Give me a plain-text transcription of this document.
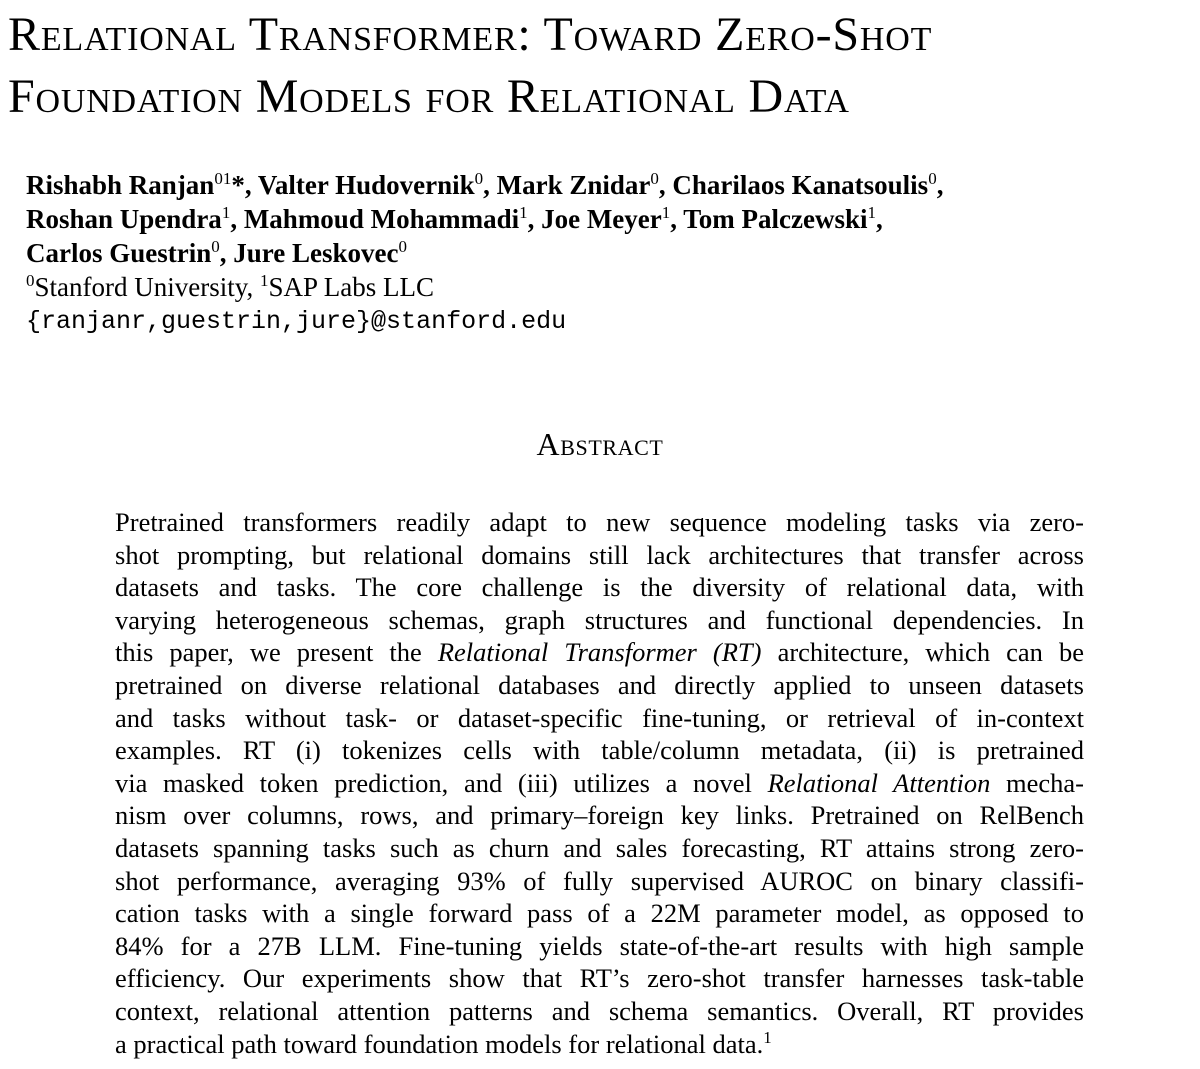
Relational Transformer: Toward Zero-Shot
Foundation Models for Relational Data
Rishabh Ranjan$^{01}$*, Valter Hudovernik$^0$, Mark Znidar$^0$, Charilaos Kanatsoulis$^0$,
Roshan Upendra$^1$, Mahmoud Mohammadi$^1$, Joe Meyer$^1$, Tom Palczewski$^1$,
Carlos Guestrin$^0$, Jure Leskovec$^0$
$^0$Stanford University, $^1$SAP Labs LLC
{ranjanr,guestrin,jure}@stanford.edu
Abstract
Pretrained transformers readily adapt to new sequence modeling tasks via zero-
shot prompting, but relational domains still lack architectures that transfer across
datasets and tasks. The core challenge is the diversity of relational data, with
varying heterogeneous schemas, graph structures and functional dependencies. In
this paper, we present the Relational Transformer (RT) architecture, which can be
pretrained on diverse relational databases and directly applied to unseen datasets
and tasks without task- or dataset-specific fine-tuning, or retrieval of in-context
examples. RT (i) tokenizes cells with table/column metadata, (ii) is pretrained
via masked token prediction, and (iii) utilizes a novel Relational Attention mecha-
nism over columns, rows, and primary–foreign key links. Pretrained on RelBench
datasets spanning tasks such as churn and sales forecasting, RT attains strong zero-
shot performance, averaging 93% of fully supervised AUROC on binary classifi-
cation tasks with a single forward pass of a 22M parameter model, as opposed to
84% for a 27B LLM. Fine-tuning yields state-of-the-art results with high sample
efficiency. Our experiments show that RT’s zero-shot transfer harnesses task-table
context, relational attention patterns and schema semantics. Overall, RT provides
a practical path toward foundation models for relational data.$^1$
